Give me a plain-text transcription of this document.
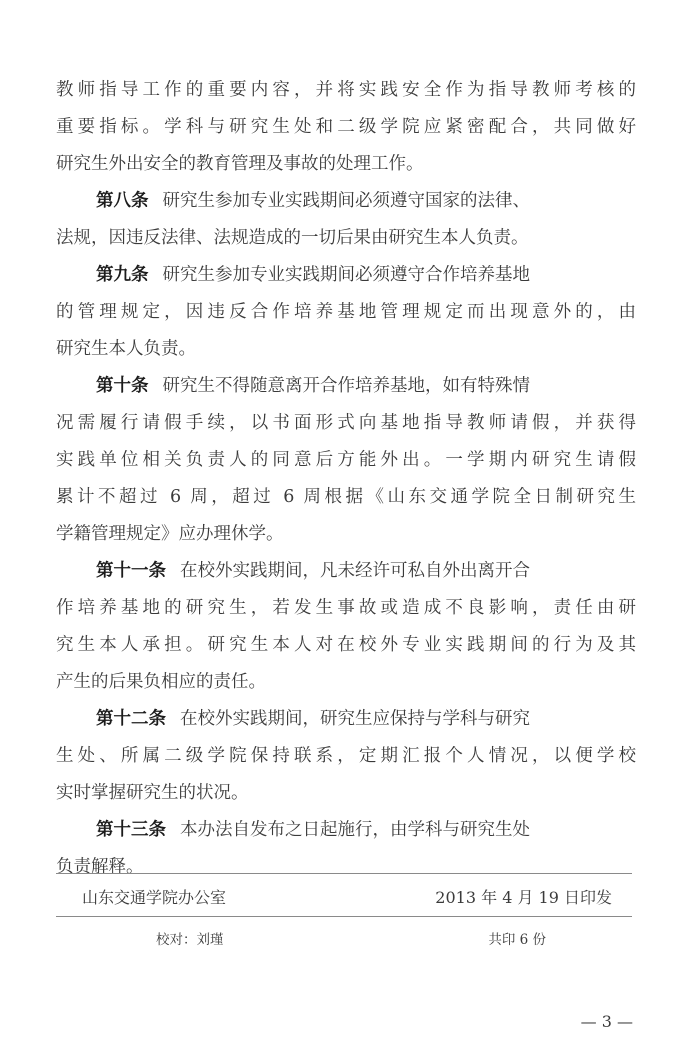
教师指导工作的重要内容，并将实践安全作为指导教师考核的
重要指标。学科与研究生处和二级学院应紧密配合，共同做好
研究生外出安全的教育管理及事故的处理工作。
第八条 研究生参加专业实践期间必须遵守国家的法律、
法规，因违反法律、法规造成的一切后果由研究生本人负责。
第九条 研究生参加专业实践期间必须遵守合作培养基地
的管理规定，因违反合作培养基地管理规定而出现意外的，由
研究生本人负责。
第十条 研究生不得随意离开合作培养基地，如有特殊情
况需履行请假手续，以书面形式向基地指导教师请假，并获得
实践单位相关负责人的同意后方能外出。一学期内研究生请假
累计不超过 6 周，超过 6 周根据《山东交通学院全日制研究生
学籍管理规定》应办理休学。
第十一条 在校外实践期间，凡未经许可私自外出离开合
作培养基地的研究生，若发生事故或造成不良影响，责任由研
究生本人承担。研究生本人对在校外专业实践期间的行为及其
产生的后果负相应的责任。
第十二条 在校外实践期间，研究生应保持与学科与研究
生处、所属二级学院保持联系，定期汇报个人情况，以便学校
实时掌握研究生的状况。
第十三条 本办法自发布之日起施行，由学科与研究生处
负责解释。
山东交通学院办公室	2013 年 4 月 19 日印发
校对：刘瑾	共印 6 份
— 3 —
